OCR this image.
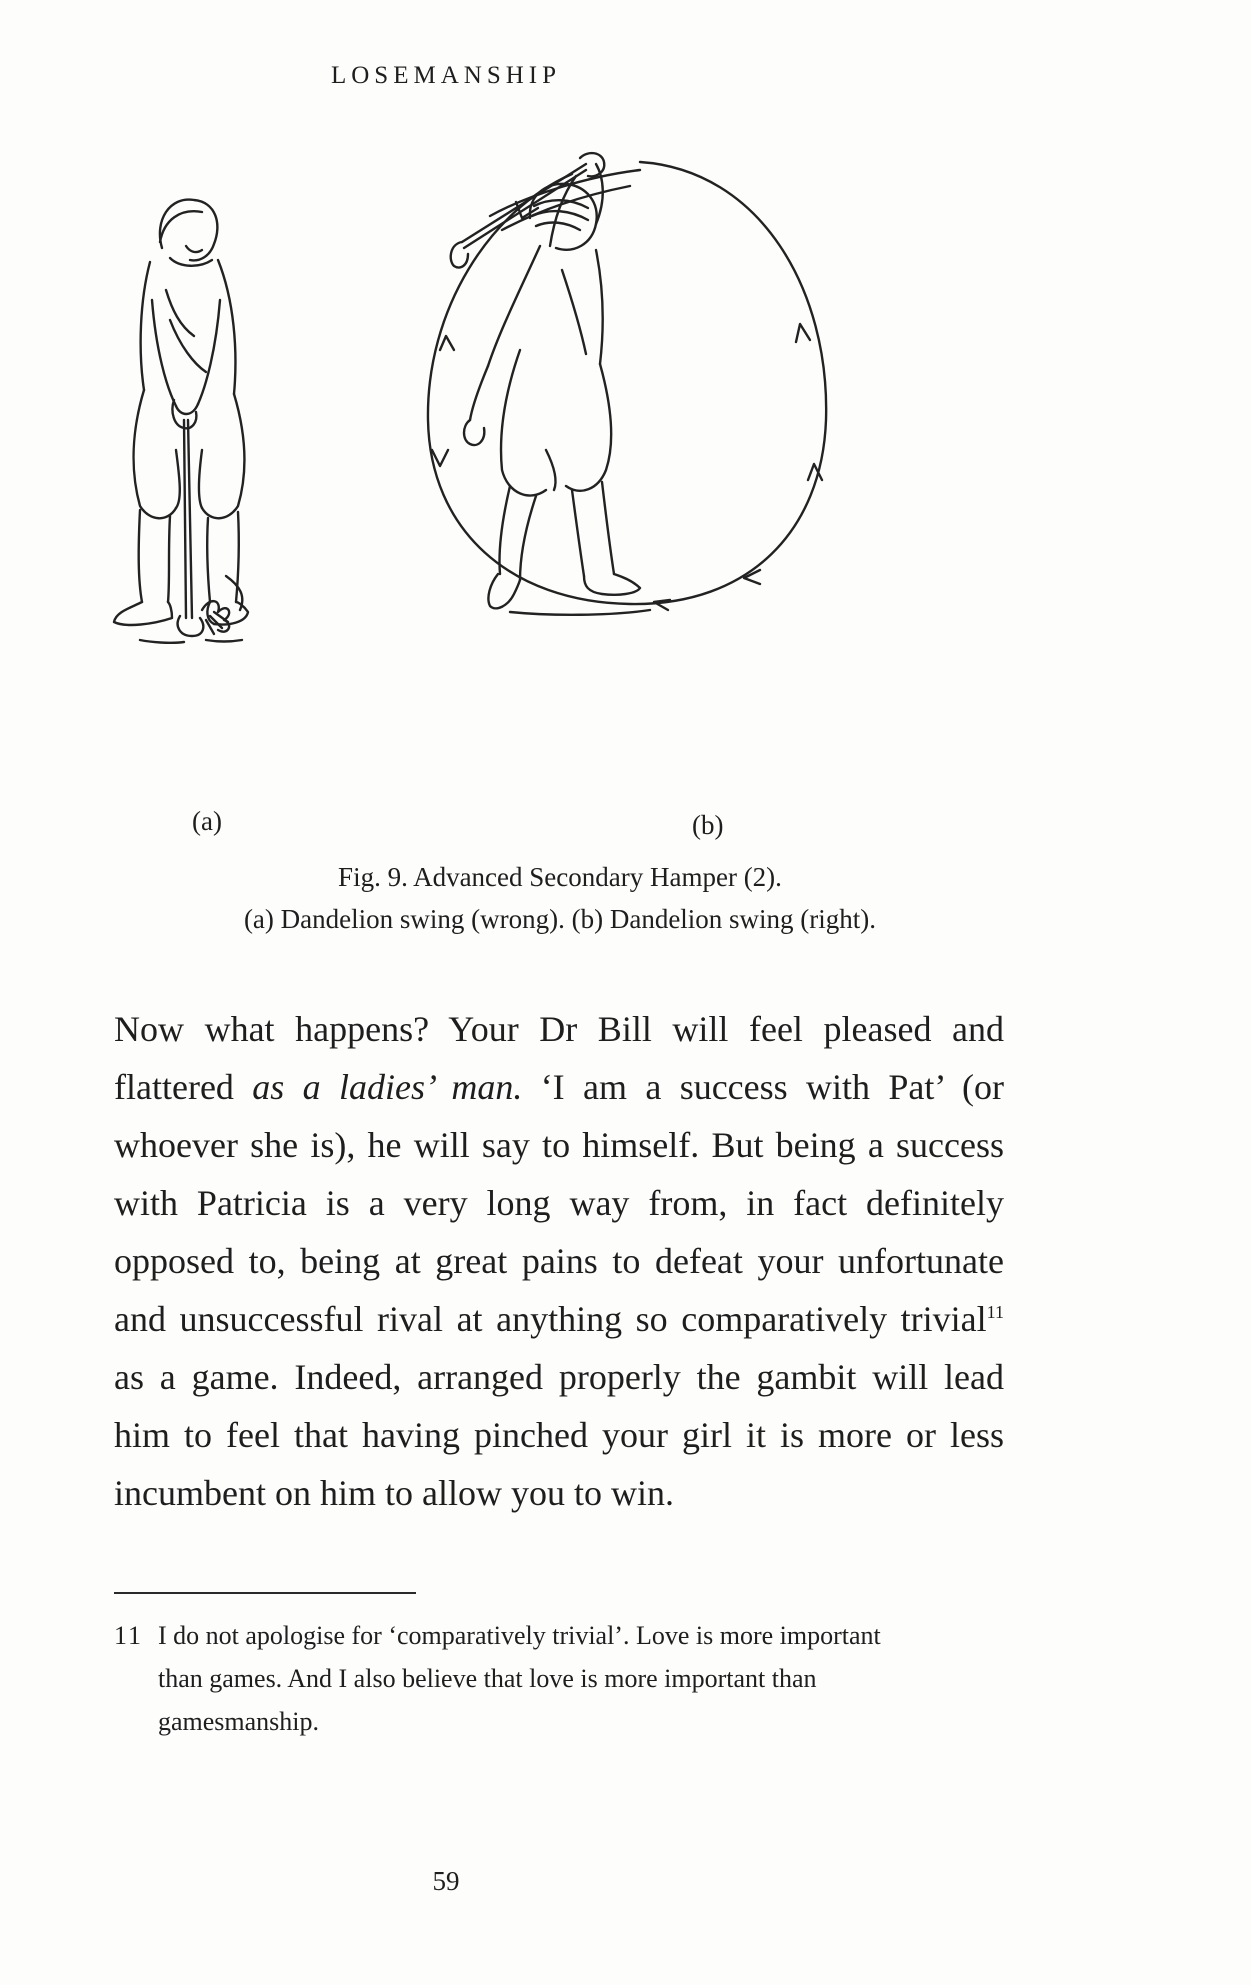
LOSEMANSHIP
(a)	(b)
Fig. 9. Advanced Secondary Hamper (2).
(a) Dandelion swing (wrong). (b) Dandelion swing (right).

Now what happens? Your Dr Bill will feel pleased and flattered as a ladies’ man. ‘I am a success with Pat’ (or whoever she is), he will say to himself. But being a success with Patricia is a very long way from, in fact definitely opposed to, being at great pains to defeat your unfortunate and unsuccessful rival at anything so comparatively trivial$^{11}$ as a game. Indeed, arranged properly the gambit will lead him to feel that having pinched your girl it is more or less incumbent on him to allow you to win.

11 I do not apologise for ‘comparatively trivial’. Love is more important than games. And I also believe that love is more important than gamesmanship.
59
